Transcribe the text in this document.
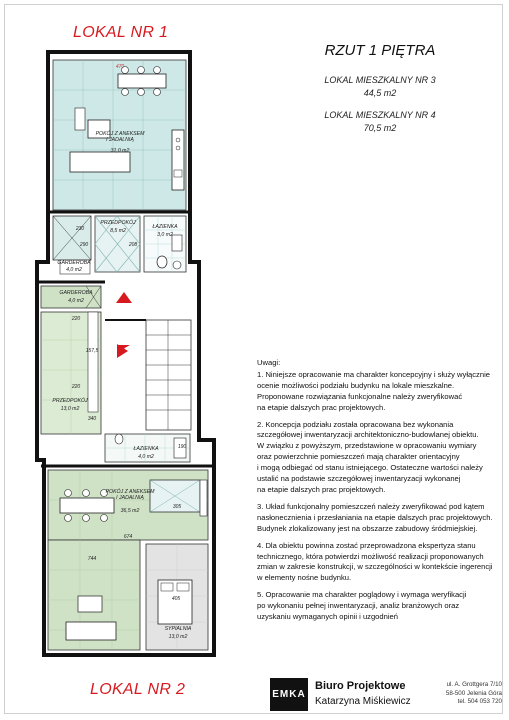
LOKAL NR 1
LOKAL NR 2
RZUT 1 PIĘTRA
LOKAL MIESZKALNY NR 3
44,5 m2
LOKAL MIESZKALNY NR 4
70,5 m2
470
230
290	208
220
157,5
340
674
220
744
305
405
190
POKÓJ Z ANEKSEM I JADALNIĄ
31,0 m2
PRZEDPOKÓJ
8,5 m2
ŁAZIENKA
3,0 m2
GARDEROBA
4,0 m2
GARDEROBA
4,0 m2
PRZEDPOKÓJ
13,0 m2
ŁAZIENKA
4,0 m2
POKÓJ Z ANEKSEM I JADALNIĄ
36,5 m2
SYPIALNIA
13,0 m2

Uwagi:

1. Niniejsze opracowanie ma charakter koncepcyjny i służy wyłącznie
ocenie możliwości podziału budynku na lokale mieszkalne.
Proponowane rozwiązania funkcjonalne należy zweryfikować
na etapie dalszych prac projektowych.

2. Koncepcja podziału została opracowana bez wykonania
szczegółowej inwentaryzacji architektoniczno-budowlanej obiektu.
W związku z powyższym, przedstawione w opracowaniu wymiary
oraz powierzchnie pomieszczeń mają charakter orientacyjny
i mogą odbiegać od stanu istniejącego. Ostateczne wartości należy
ustalić na podstawie szczegółowej inwentaryzacji wykonanej
na etapie dalszych prac projektowych.

3. Układ funkcjonalny pomieszczeń należy zweryfikować pod kątem
nasłonecznienia i przesłaniania na etapie dalszych prac projektowych.
Budynek zlokalizowany jest na obszarze zabudowy śródmiejskiej.

4. Dla obiektu powinna zostać przeprowadzona ekspertyza stanu
technicznego, która potwierdzi możliwość realizacji proponowanych
zmian w zakresie konstrukcji, w szczególności w kontekście ingerencji
w elementy nośne budynku.

5. Opracowanie ma charakter poglądowy i wymaga weryfikacji
po wykonaniu pełnej inwentaryzacji, analiz branżowych oraz
uzyskaniu wymaganych opinii i uzgodnień

EMKA
Biuro Projektowe
Katarzyna Miśkiewicz
ul. A. Grottgera 7/10
58-500 Jelenia Góra
tel. 504 053 720
